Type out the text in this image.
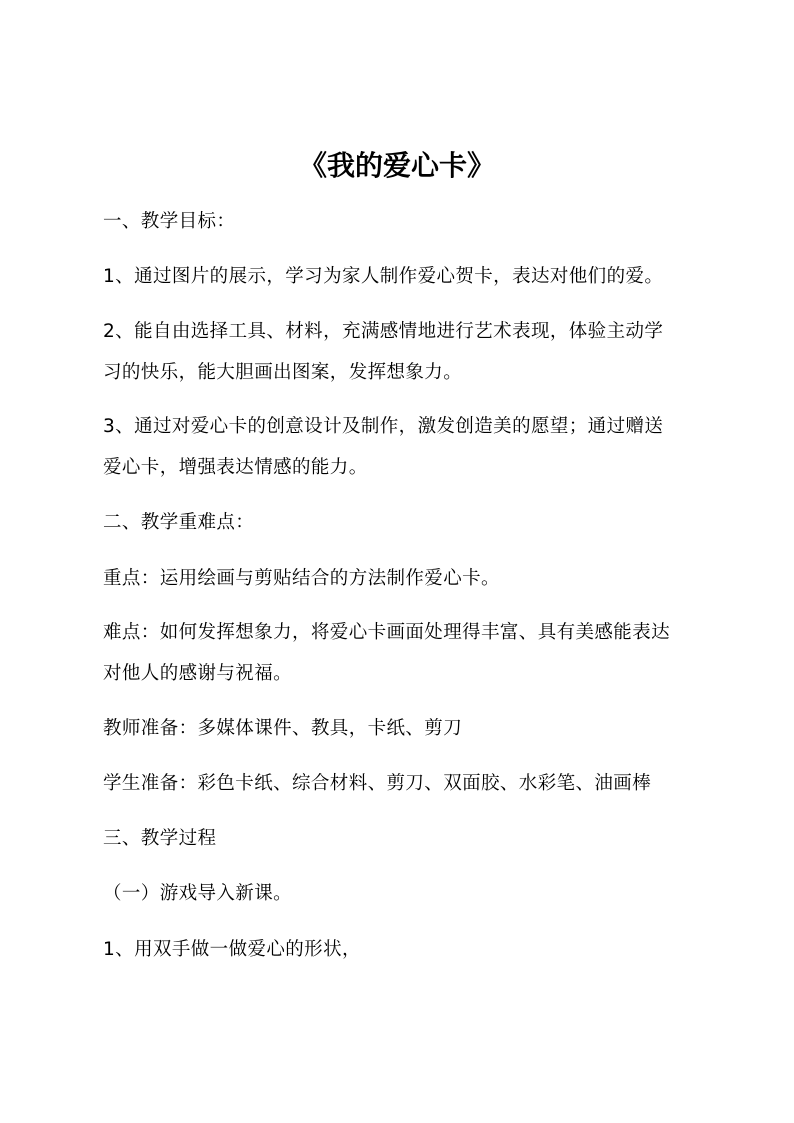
《我的爱心卡》
一、教学目标：
1、通过图片的展示，学习为家人制作爱心贺卡，表达对他们的爱。
2、能自由选择工具、材料，充满感情地进行艺术表现，体验主动学
习的快乐，能大胆画出图案，发挥想象力。
3、通过对爱心卡的创意设计及制作，激发创造美的愿望；通过赠送
爱心卡，增强表达情感的能力。
二、教学重难点：
重点：运用绘画与剪贴结合的方法制作爱心卡。
难点：如何发挥想象力，将爱心卡画面处理得丰富、具有美感能表达
对他人的感谢与祝福。
教师准备：多媒体课件、教具，卡纸、剪刀
学生准备：彩色卡纸、综合材料、剪刀、双面胶、水彩笔、油画棒
三、教学过程
（一）游戏导入新课。
1、用双手做一做爱心的形状，
